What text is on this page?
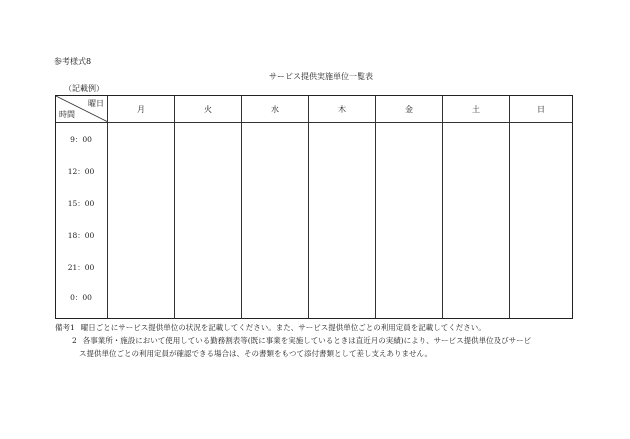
参考様式8
サービス提供実施単位一覧表
（記載例）
曜日
時間
月	火	水	木	金	土	日
9：00
12：00
15：00
18：00
21：00
0：00
備考1 曜日ごとにサービス提供単位の状況を記載してください。また、サービス提供単位ごとの利用定員を記載してください。
2 各事業所・施設において使用している勤務割表等(既に事業を実施しているときは直近月の実績)により、サービス提供単位及びサービ
ス提供単位ごとの利用定員が確認できる場合は、その書類をもつて添付書類として差し支えありません。
